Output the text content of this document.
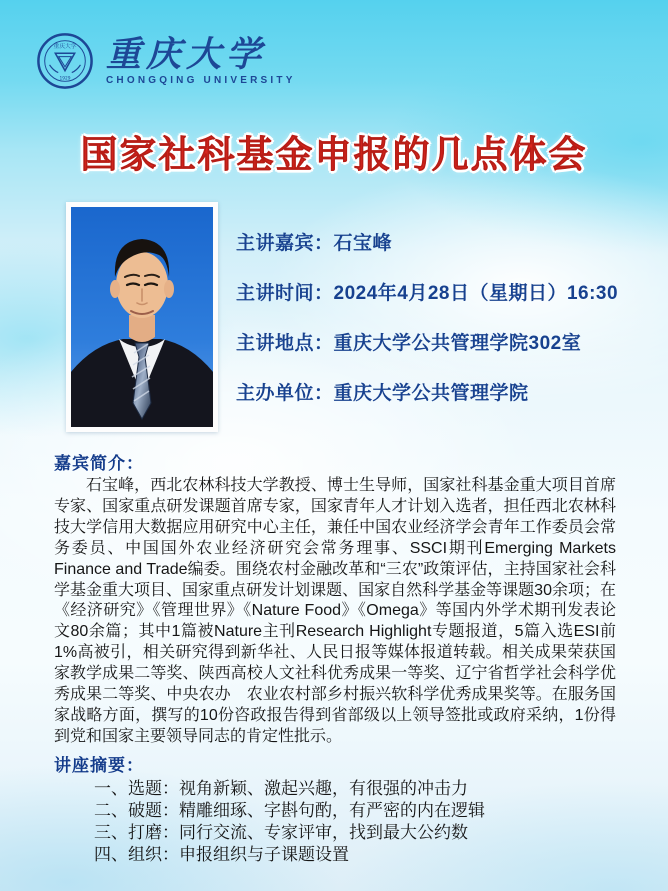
重庆大学
1929
重庆大学
CHONGQING UNIVERSITY
国家社科基金申报的几点体会
主讲嘉宾：石宝峰
主讲时间：2024年4月28日（星期日）16:30
主讲地点：重庆大学公共管理学院302室
主办单位：重庆大学公共管理学院
嘉宾简介：
石宝峰，西北农林科技大学教授、博士生导师，国家社科基金重大项目首席专家、国家重点研发课题首席专家，国家青年人才计划入选者，担任西北农林科技大学信用大数据应用研究中心主任，兼任中国农业经济学会青年工作委员会常务委员、中国国外农业经济研究会常务理事、SSCI期刊Emerging Markets Finance and Trade编委。围绕农村金融改革和“三农”政策评估，主持国家社会科学基金重大项目、国家重点研发计划课题、国家自然科学基金等课题30余项；在《经济研究》《管理世界》《Nature Food》《Omega》等国内外学术期刊发表论文80余篇；其中1篇被Nature主刊Research Highlight专题报道，5篇入选ESI前1%高被引，相关研究得到新华社、人民日报等媒体报道转载。相关成果荣获国家教学成果二等奖、陕西高校人文社科优秀成果一等奖、辽宁省哲学社会科学优秀成果二等奖、中央农办　农业农村部乡村振兴软科学优秀成果奖等。在服务国家战略方面，撰写的10份咨政报告得到省部级以上领导签批或政府采纳，1份得到党和国家主要领导同志的肯定性批示。
讲座摘要：
一、选题：视角新颖、激起兴趣，有很强的冲击力
二、破题：精雕细琢、字斟句酌，有严密的内在逻辑
三、打磨：同行交流、专家评审，找到最大公约数
四、组织：申报组织与子课题设置
